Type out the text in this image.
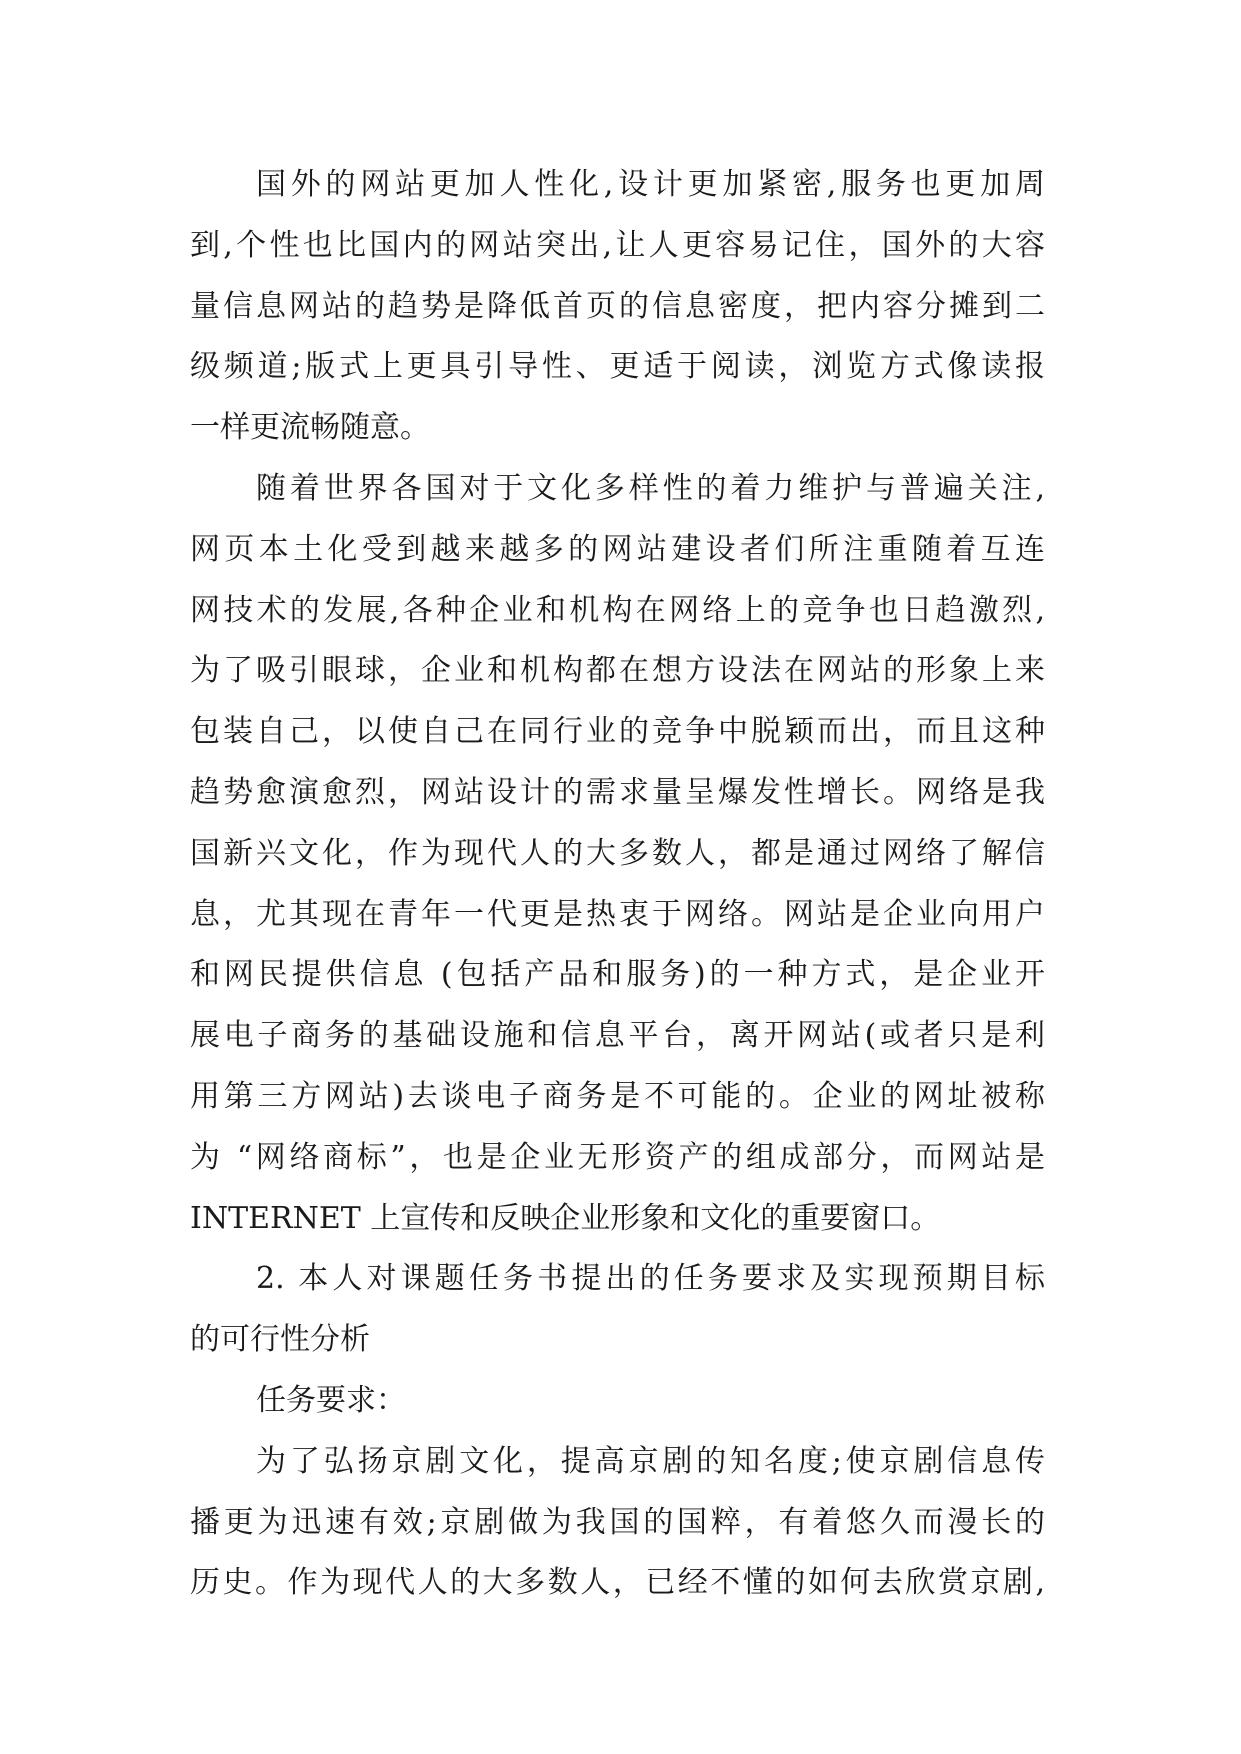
国外的网站更加人性化,设计更加紧密,服务也更加周
到,个性也比国内的网站突出,让人更容易记住，国外的大容
量信息网站的趋势是降低首页的信息密度，把内容分摊到二
级频道;版式上更具引导性、更适于阅读，浏览方式像读报
一样更流畅随意。
随着世界各国对于文化多样性的着力维护与普遍关注,
网页本土化受到越来越多的网站建设者们所注重随着互连
网技术的发展,各种企业和机构在网络上的竞争也日趋激烈,
为了吸引眼球，企业和机构都在想方设法在网站的形象上来
包装自己，以使自己在同行业的竞争中脱颖而出，而且这种
趋势愈演愈烈，网站设计的需求量呈爆发性增长。网络是我
国新兴文化，作为现代人的大多数人，都是通过网络了解信
息，尤其现在青年一代更是热衷于网络。网站是企业向用户
和网民提供信息 (包括产品和服务)的一种方式，是企业开
展电子商务的基础设施和信息平台，离开网站(或者只是利
用第三方网站)去谈电子商务是不可能的。企业的网址被称
为 “网络商标”，也是企业无形资产的组成部分，而网站是
INTERNET 上宣传和反映企业形象和文化的重要窗口。
2. 本人对课题任务书提出的任务要求及实现预期目标
的可行性分析
任务要求：
为了弘扬京剧文化，提高京剧的知名度;使京剧信息传
播更为迅速有效;京剧做为我国的国粹，有着悠久而漫长的
历史。作为现代人的大多数人，已经不懂的如何去欣赏京剧,
